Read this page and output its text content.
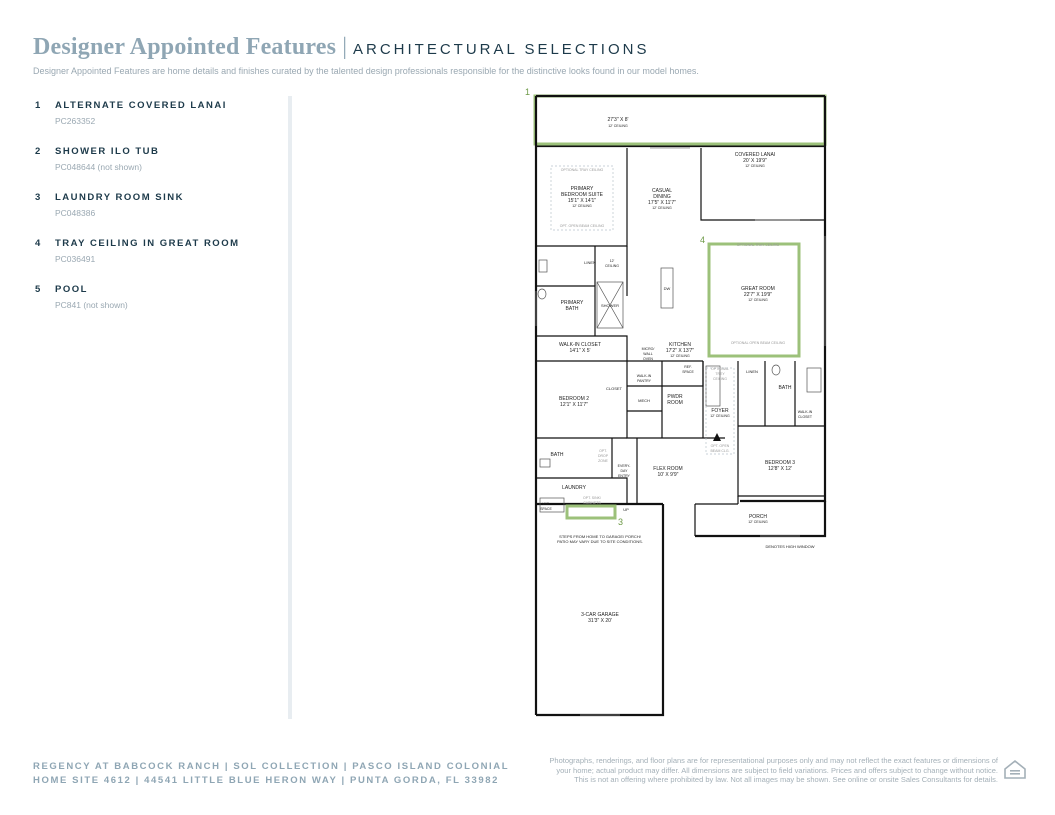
Designer Appointed Features | ARCHITECTURAL SELECTIONS
Designer Appointed Features are home details and finishes curated by the talented design professionals responsible for the distinctive looks found in our model homes.
1	ALTERNATE COVERED LANAI
PC263352
2	SHOWER ILO TUB
PC048644 (not shown)
3	LAUNDRY ROOM SINK
PC048386
4	TRAY CEILING IN GREAT ROOM
PC036491
5	POOL
PC841 (not shown)
1
3
4
27'3" X 8'
12' CEILING
COVERED LANAI
20' X 19'9"
12' CEILING
OPTIONAL TRAY CEILING
PRIMARY
BEDROOM SUITE
15'1" X 14'1"
12' CEILING
OPT. OPEN BEAM CEILING
CASUAL
DINING
17'5" X 11'7"
12' CEILING
OPTIONAL TRAY CEILING
GREAT ROOM
22'7" X 19'9"
12' CEILING
OPTIONAL OPEN BEAM CEILING
LINEN	12'
CEILING
PRIMARY
BATH
SHOWER
DW
WALK-IN CLOSET
14'1" X 5'	MICRO/
WALL
OVEN
KITCHEN
17'2" X 13'7"
12' CEILING
REF.
SPACE
OPTIONAL
TREY
CEILING
LINEN
BATH
WALK-IN
PANTRY
CLOSET
BEDROOM 2
12'1" X 11'7"
MECH
PWDR
ROOM
FOYER
12' CEILING
WALK-IN
CLOSET
OPT. OPEN
BEAM CLG.
BEDROOM 3
12'8" X 12'
BATH
OPT.
DROP
ZONE
EVERY-
DAY
ENTRY
FLEX ROOM
10' X 9'9"
LAUNDRY
W/D
SPACE
OPT. SINK/
CABINETS
UP
PORCH
12' CEILING
STEPS FROM HOME TO GARAGE/ PORCH/
PATIO MAY VARY DUE TO SITE CONDITIONS.
DENOTES HIGH WINDOW
3-CAR GARAGE
31'3" X 20'
REGENCY AT BABCOCK RANCH | SOL COLLECTION | PASCO ISLAND COLONIAL
HOME SITE 4612 | 44541 LITTLE BLUE HERON WAY | PUNTA GORDA, FL 33982
Photographs, renderings, and floor plans are for representational purposes only and may not reflect the exact features or dimensions of
your home; actual product may differ. All dimensions are subject to field variations. Prices and offers subject to change without notice.
This is not an offering where prohibited by law. Not all images may be shown. See online or onsite Sales Consultants for details.
